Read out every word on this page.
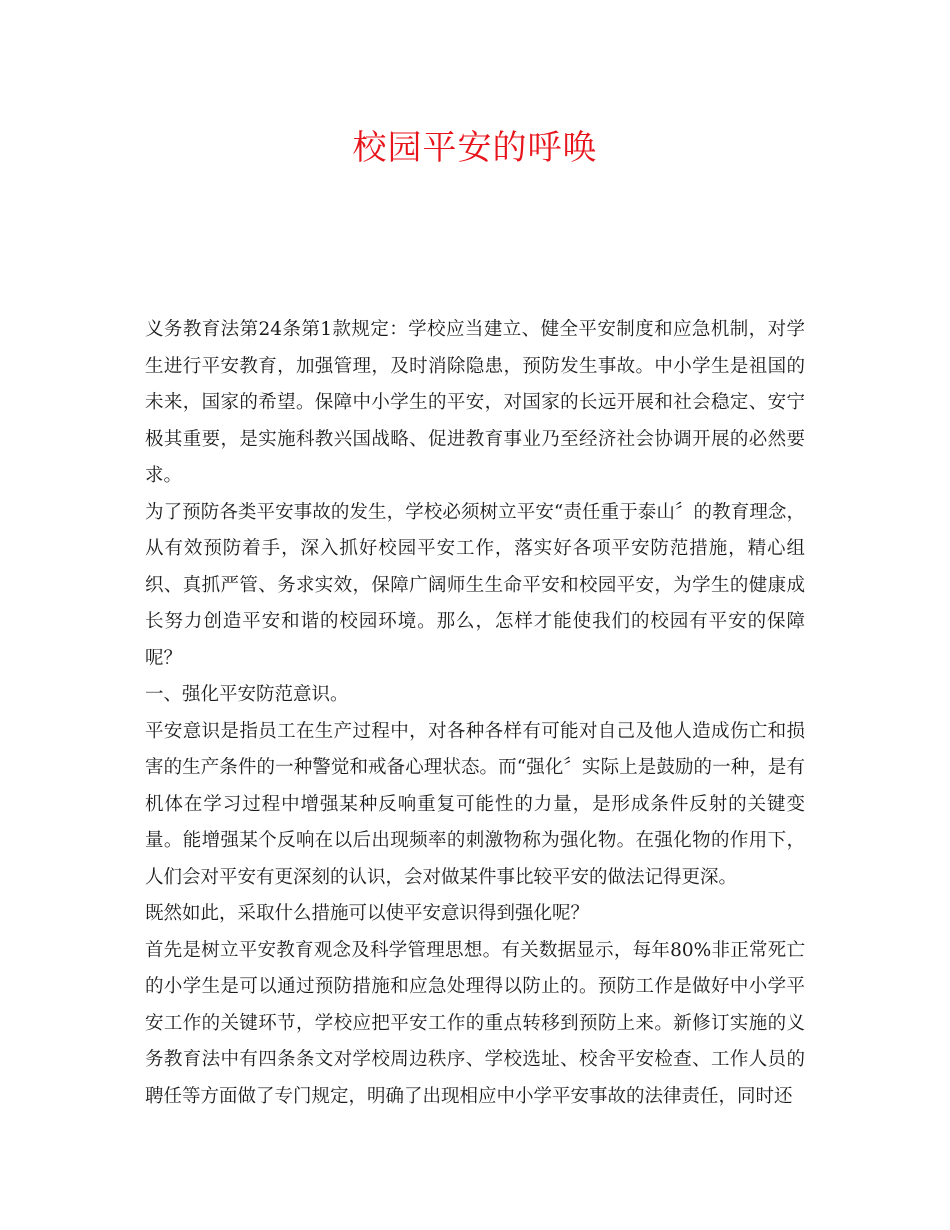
校园平安的呼唤

义务教育法第24条第1款规定：学校应当建立、健全平安制度和应急机制，对学生进行平安教育，加强管理，及时消除隐患，预防发生事故。中小学生是祖国的未来，国家的希望。保障中小学生的平安，对国家的长远开展和社会稳定、安宁极其重要，是实施科教兴国战略、促进教育事业乃至经济社会协调开展的必然要求。

为了预防各类平安事故的发生，学校必须树立平安“责任重于泰山〞的教育理念，从有效预防着手，深入抓好校园平安工作，落实好各项平安防范措施，精心组织、真抓严管、务求实效，保障广阔师生生命平安和校园平安，为学生的健康成长努力创造平安和谐的校园环境。那么，怎样才能使我们的校园有平安的保障呢？

一、强化平安防范意识。

平安意识是指员工在生产过程中，对各种各样有可能对自己及他人造成伤亡和损害的生产条件的一种警觉和戒备心理状态。而“强化〞实际上是鼓励的一种，是有机体在学习过程中增强某种反响重复可能性的力量，是形成条件反射的关键变量。能增强某个反响在以后出现频率的刺激物称为强化物。在强化物的作用下，人们会对平安有更深刻的认识，会对做某件事比较平安的做法记得更深。

既然如此，采取什么措施可以使平安意识得到强化呢？

首先是树立平安教育观念及科学管理思想。有关数据显示，每年80%非正常死亡的小学生是可以通过预防措施和应急处理得以防止的。预防工作是做好中小学平安工作的关键环节，学校应把平安工作的重点转移到预防上来。新修订实施的义务教育法中有四条条文对学校周边秩序、学校选址、校舍平安检查、工作人员的聘任等方面做了专门规定，明确了出现相应中小学平安事故的法律责任，同时还
